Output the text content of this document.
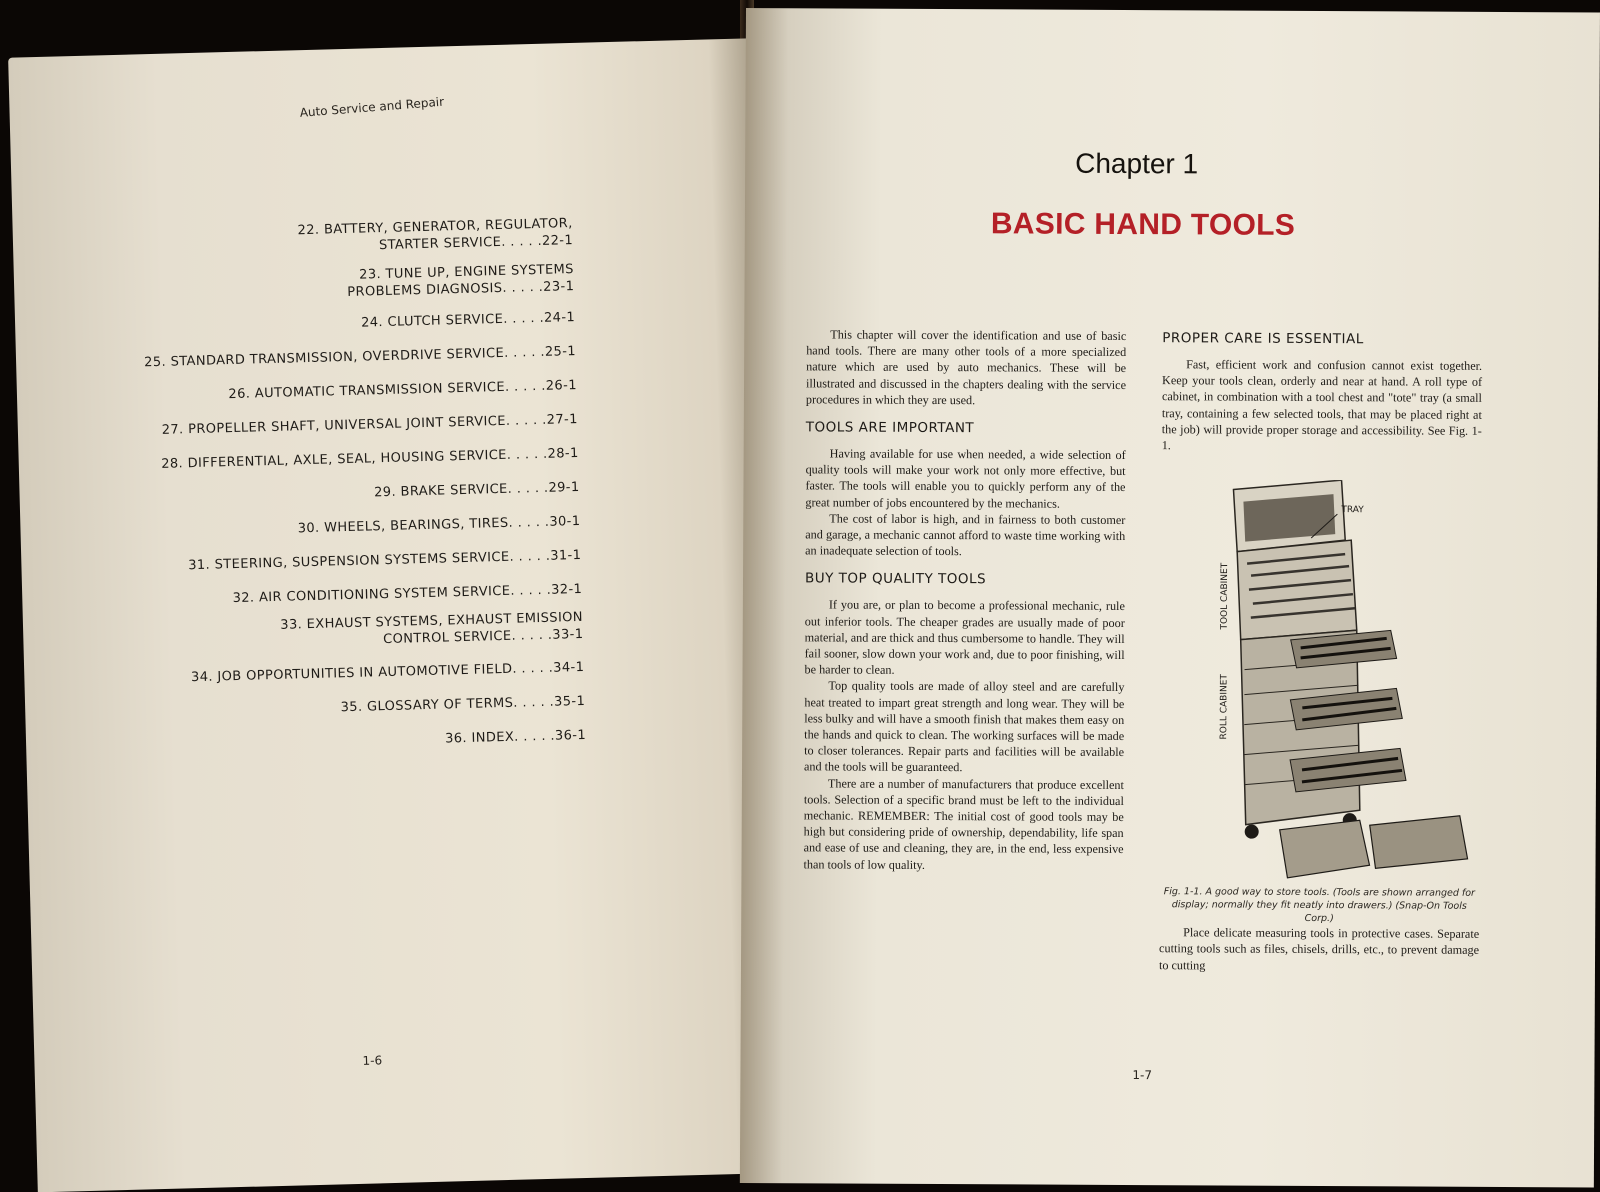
Auto Service and Repair
22. BATTERY, GENERATOR, REGULATOR,
STARTER SERVICE. . . . .22-1
23. TUNE UP, ENGINE SYSTEMS
PROBLEMS DIAGNOSIS. . . . .23-1
24. CLUTCH SERVICE. . . . .24-1
25. STANDARD TRANSMISSION, OVERDRIVE SERVICE. . . . .25-1
26. AUTOMATIC TRANSMISSION SERVICE. . . . .26-1
27. PROPELLER SHAFT, UNIVERSAL JOINT SERVICE. . . . .27-1
28. DIFFERENTIAL, AXLE, SEAL, HOUSING SERVICE. . . . .28-1
29. BRAKE SERVICE. . . . .29-1
30. WHEELS, BEARINGS, TIRES. . . . .30-1
31. STEERING, SUSPENSION SYSTEMS SERVICE. . . . .31-1
32. AIR CONDITIONING SYSTEM SERVICE. . . . .32-1
33. EXHAUST SYSTEMS, EXHAUST EMISSION
CONTROL SERVICE. . . . .33-1
34. JOB OPPORTUNITIES IN AUTOMOTIVE FIELD. . . . .34-1
35. GLOSSARY OF TERMS. . . . .35-1
36. INDEX. . . . .36-1
1-6
Chapter 1
BASIC HAND TOOLS

This chapter will cover the identification and use of basic hand tools. There are many other tools of a more specialized nature which are used by auto mechanics. These will be illustrated and discussed in the chapters dealing with the service procedures in which they are used.

TOOLS ARE IMPORTANT

Having available for use when needed, a wide selection of quality tools will make your work not only more effective, but faster. The tools will enable you to quickly perform any of the great number of jobs encountered by the mechanics.

The cost of labor is high, and in fairness to both customer and garage, a mechanic cannot afford to waste time working with an inadequate selection of tools.

BUY TOP QUALITY TOOLS

If you are, or plan to become a professional mechanic, rule out inferior tools. The cheaper grades are usually made of poor material, and are thick and thus cumbersome to handle. They will fail sooner, slow down your work and, due to poor finishing, will be harder to clean.

Top quality tools are made of alloy steel and are carefully heat treated to impart great strength and long wear. They will be less bulky and will have a smooth finish that makes them easy on the hands and quick to clean. The working surfaces will be made to closer tolerances. Repair parts and facilities will be available and the tools will be guaranteed.

There are a number of manufacturers that produce excellent tools. Selection of a specific brand must be left to the individual mechanic. REMEMBER: The initial cost of good tools may be high but considering pride of ownership, dependability, life span and ease of use and cleaning, they are, in the end, less expensive than tools of low quality.

PROPER CARE IS ESSENTIAL

Fast, efficient work and confusion cannot exist together. Keep your tools clean, orderly and near at hand. A roll type of cabinet, in combination with a tool chest and "tote" tray (a small tray, containing a few selected tools, that may be placed right at the job) will provide proper storage and accessibility. See Fig. 1-1.

TRAY
TOOL CABINET
ROLL CABINET
Fig. 1-1. A good way to store tools. (Tools are shown arranged for display; normally they fit neatly into drawers.) (Snap-On Tools Corp.)

Place delicate measuring tools in protective cases. Separate cutting tools such as files, chisels, drills, etc., to prevent damage to cutting

1-7
